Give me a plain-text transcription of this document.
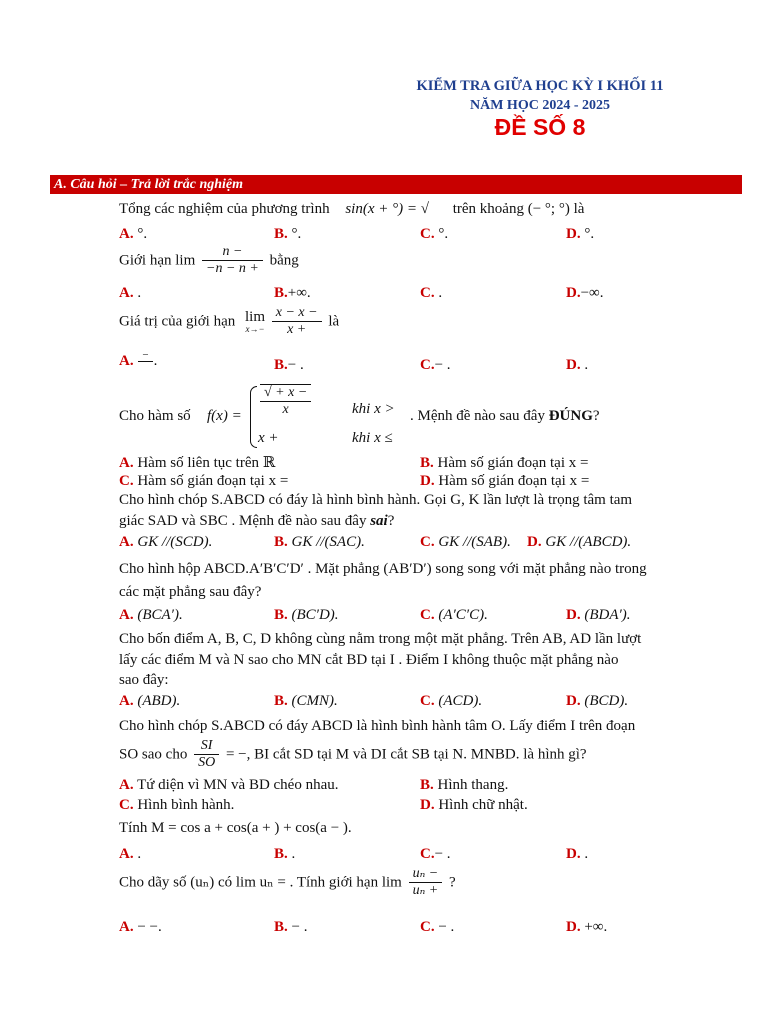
KIỂM TRA GIỮA HỌC KỲ I KHỐI 11
NĂM HỌC 2024 - 2025
ĐỀ SỐ 8
A. Câu hỏi – Trả lời trắc nghiệm
Tổng các nghiệm của phương trình sin(x + °) = √ trên khoảng (− °; °) là
A. °.	B. °.	C. °.	D. °.
Giới hạn $\lim \frac{n -}{-n - n +}$ bằng
A. .	B.+∞.	C. .	D.−∞.
Giá trị của giới hạn lim
x→−
$\frac{x - x -}{x +}$ là
A. −
.	B.− .	C.− .	D. .
Cho hàm số $f(x) = \frac{√ + x -}{x}$	khi x >
x +	khi x ≤
. Mệnh đề nào sau đây ĐÚNG?
A. Hàm số liên tục trên ℝ	B. Hàm số gián đoạn tại x =
C. Hàm số gián đoạn tại x =	D. Hàm số gián đoạn tại x =
Cho hình chóp S.ABCD có đáy là hình bình hành. Gọi G, K lần lượt là trọng tâm tam
giác SAD và SBC . Mệnh đề nào sau đây sai?
A. GK //(SCD).	B. GK //(SAC).	C. GK //(SAB). D. GK //(ABCD).
Cho hình hộp ABCD.A′B′C′D′ . Mặt phẳng (AB′D′) song song với mặt phẳng nào trong
các mặt phẳng sau đây?
A. (BCA′).	B. (BC′D).	C. (A′C′C).	D. (BDA′).
Cho bốn điểm A, B, C, D không cùng nằm trong một mặt phẳng. Trên AB, AD lần lượt
lấy các điểm M và N sao cho MN cắt BD tại I . Điểm I không thuộc mặt phẳng nào
sao đây:
A. (ABD).	B. (CMN).	C. (ACD).	D. (BCD).
Cho hình chóp S.ABCD có đáy ABCD là hình bình hành tâm O. Lấy điểm I trên đoạn
SO sao cho $\frac{SI}{SO}$ = −, BI cắt SD tại M và DI cắt SB tại N. MNBD. là hình gì?
A. Tứ diện vì MN và BD chéo nhau.	B. Hình thang.
C. Hình bình hành.	D. Hình chữ nhật.
Tính M = cos a + cos(a + ) + cos(a − ).
A. .	B. .	C.− .	D. .
Cho dãy số (uₙ) có lim uₙ = . Tính giới hạn $\lim \frac{\text{uₙ −}}{\text{uₙ +}}$ ?
A. − −.	B. − .	C. − .	D. +∞.
